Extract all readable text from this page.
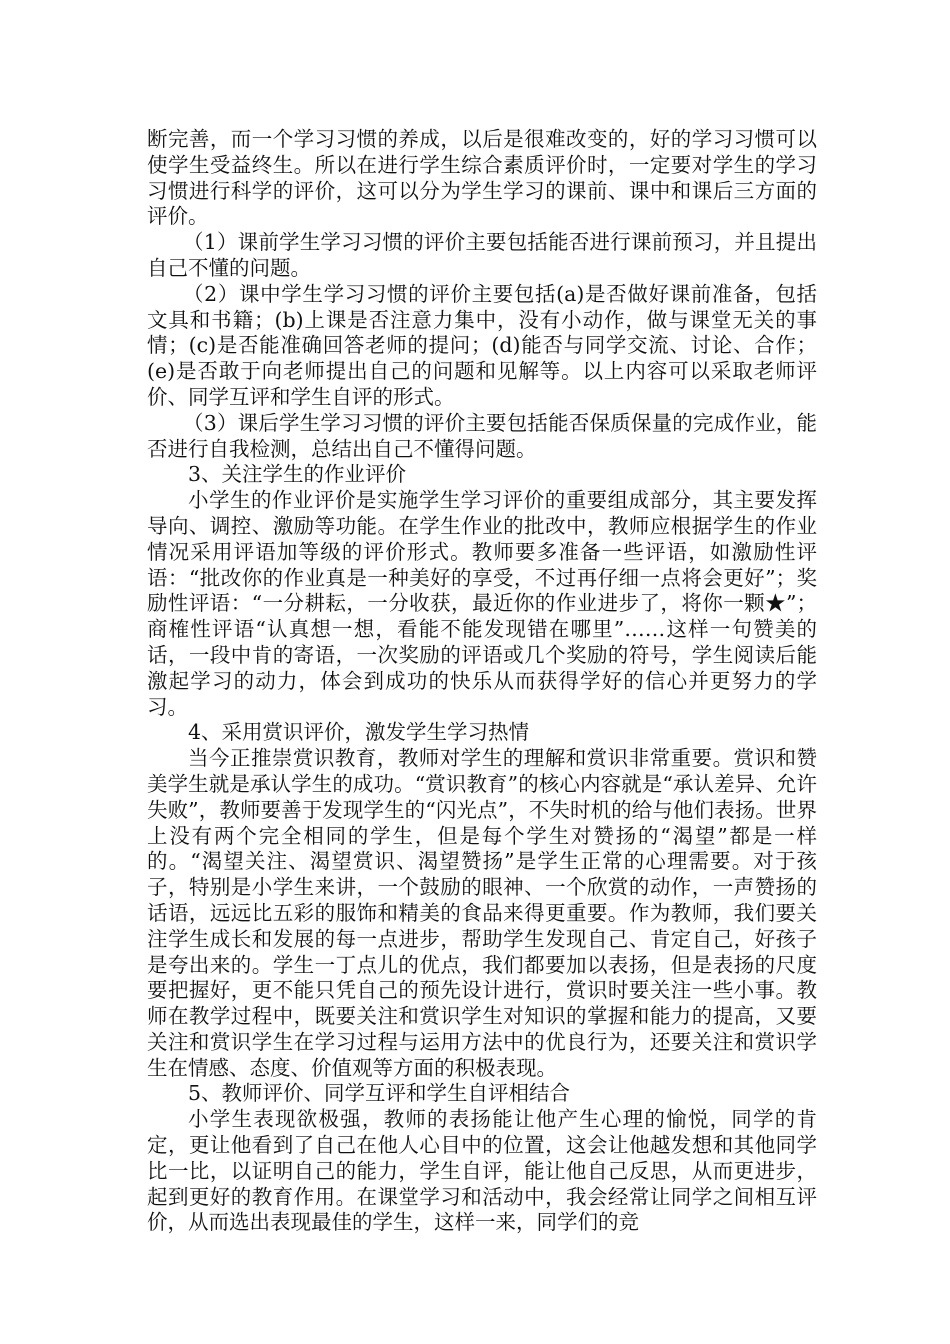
断完善，而一个学习习惯的养成，以后是很难改变的，好的学习习惯可以使学生受益终生。所以在进行学生综合素质评价时，一定要对学生的学习习惯进行科学的评价，这可以分为学生学习的课前、课中和课后三方面的评价。

（1）课前学生学习习惯的评价主要包括能否进行课前预习，并且提出自己不懂的问题。

（2）课中学生学习习惯的评价主要包括(a)是否做好课前准备，包括文具和书籍；(b)上课是否注意力集中，没有小动作，做与课堂无关的事情；(c)是否能准确回答老师的提问；(d)能否与同学交流、讨论、合作；(e)是否敢于向老师提出自己的问题和见解等。以上内容可以采取老师评价、同学互评和学生自评的形式。

（3）课后学生学习习惯的评价主要包括能否保质保量的完成作业，能否进行自我检测，总结出自己不懂得问题。

3、关注学生的作业评价

小学生的作业评价是实施学生学习评价的重要组成部分，其主要发挥导向、调控、激励等功能。在学生作业的批改中，教师应根据学生的作业情况采用评语加等级的评价形式。教师要多准备一些评语，如激励性评语：“批改你的作业真是一种美好的享受，不过再仔细一点将会更好”；奖励性评语：“一分耕耘，一分收获，最近你的作业进步了，将你一颗★”；商榷性评语“认真想一想，看能不能发现错在哪里”……这样一句赞美的话，一段中肯的寄语，一次奖励的评语或几个奖励的符号，学生阅读后能激起学习的动力，体会到成功的快乐从而获得学好的信心并更努力的学习。

4、采用赏识评价，激发学生学习热情

当今正推崇赏识教育，教师对学生的理解和赏识非常重要。赏识和赞美学生就是承认学生的成功。“赏识教育”的核心内容就是“承认差异、允许失败”，教师要善于发现学生的“闪光点”，不失时机的给与他们表扬。世界上没有两个完全相同的学生，但是每个学生对赞扬的“渴望”都是一样的。“渴望关注、渴望赏识、渴望赞扬”是学生正常的心理需要。对于孩子，特别是小学生来讲，一个鼓励的眼神、一个欣赏的动作，一声赞扬的话语，远远比五彩的服饰和精美的食品来得更重要。作为教师，我们要关注学生成长和发展的每一点进步，帮助学生发现自己、肯定自己，好孩子是夸出来的。学生一丁点儿的优点，我们都要加以表扬，但是表扬的尺度要把握好，更不能只凭自己的预先设计进行，赏识时要关注一些小事。教师在教学过程中，既要关注和赏识学生对知识的掌握和能力的提高，又要关注和赏识学生在学习过程与运用方法中的优良行为，还要关注和赏识学生在情感、态度、价值观等方面的积极表现。

5、教师评价、同学互评和学生自评相结合

小学生表现欲极强，教师的表扬能让他产生心理的愉悦，同学的肯定，更让他看到了自己在他人心目中的位置，这会让他越发想和其他同学比一比，以证明自己的能力，学生自评，能让他自己反思，从而更进步，起到更好的教育作用。在课堂学习和活动中，我会经常让同学之间相互评价，从而选出表现最佳的学生，这样一来，同学们的竞
